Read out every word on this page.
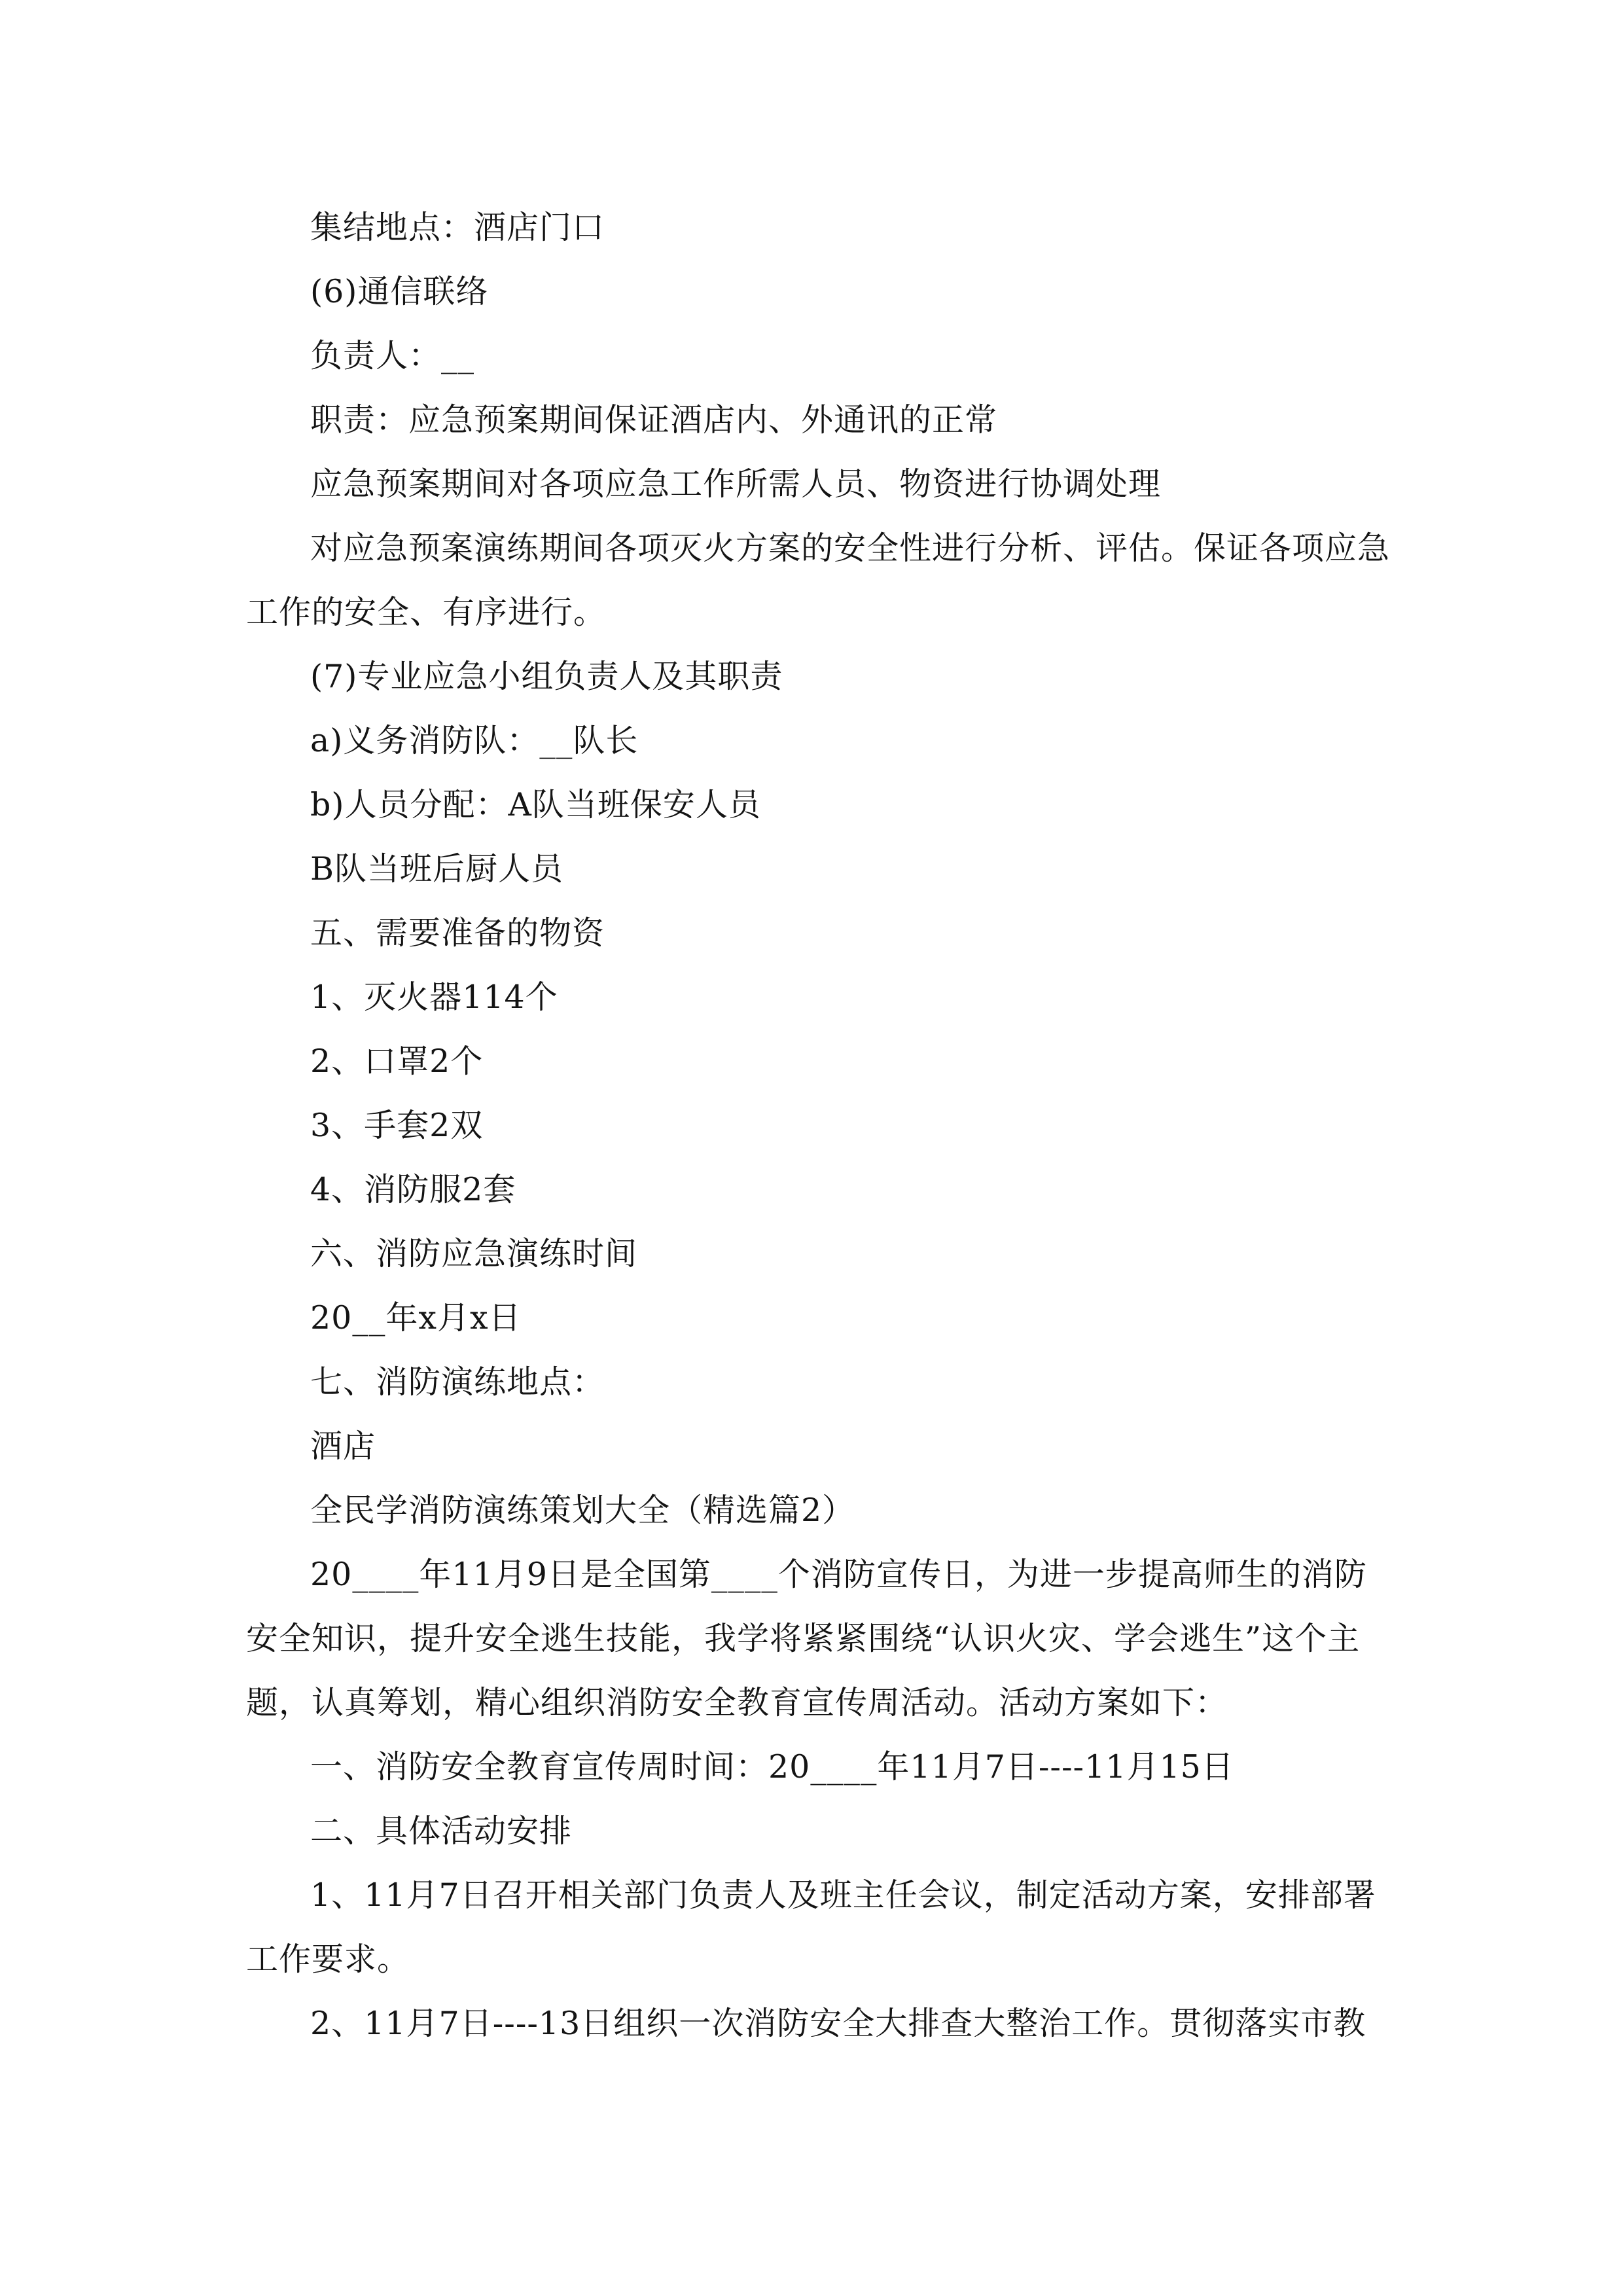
集结地点：酒店门口
(6)通信联络
负责人：__
职责：应急预案期间保证酒店内、外通讯的正常
应急预案期间对各项应急工作所需人员、物资进行协调处理
对应急预案演练期间各项灭火方案的安全性进行分析、评估。保证各项应急
工作的安全、有序进行。
(7)专业应急小组负责人及其职责
a)义务消防队：__队长
b)人员分配：A队当班保安人员
B队当班后厨人员
五、需要准备的物资
1、灭火器114个
2、口罩2个
3、手套2双
4、消防服2套
六、消防应急演练时间
20__年x月x日
七、消防演练地点：
酒店
全民学消防演练策划大全（精选篇2）
20____年11月9日是全国第____个消防宣传日，为进一步提高师生的消防
安全知识，提升安全逃生技能，我学将紧紧围绕“认识火灾、学会逃生”这个主
题，认真筹划，精心组织消防安全教育宣传周活动。活动方案如下：
一、消防安全教育宣传周时间：20____年11月7日----11月15日
二、具体活动安排
1、11月7日召开相关部门负责人及班主任会议，制定活动方案，安排部署
工作要求。
2、11月7日----13日组织一次消防安全大排查大整治工作。贯彻落实市教
